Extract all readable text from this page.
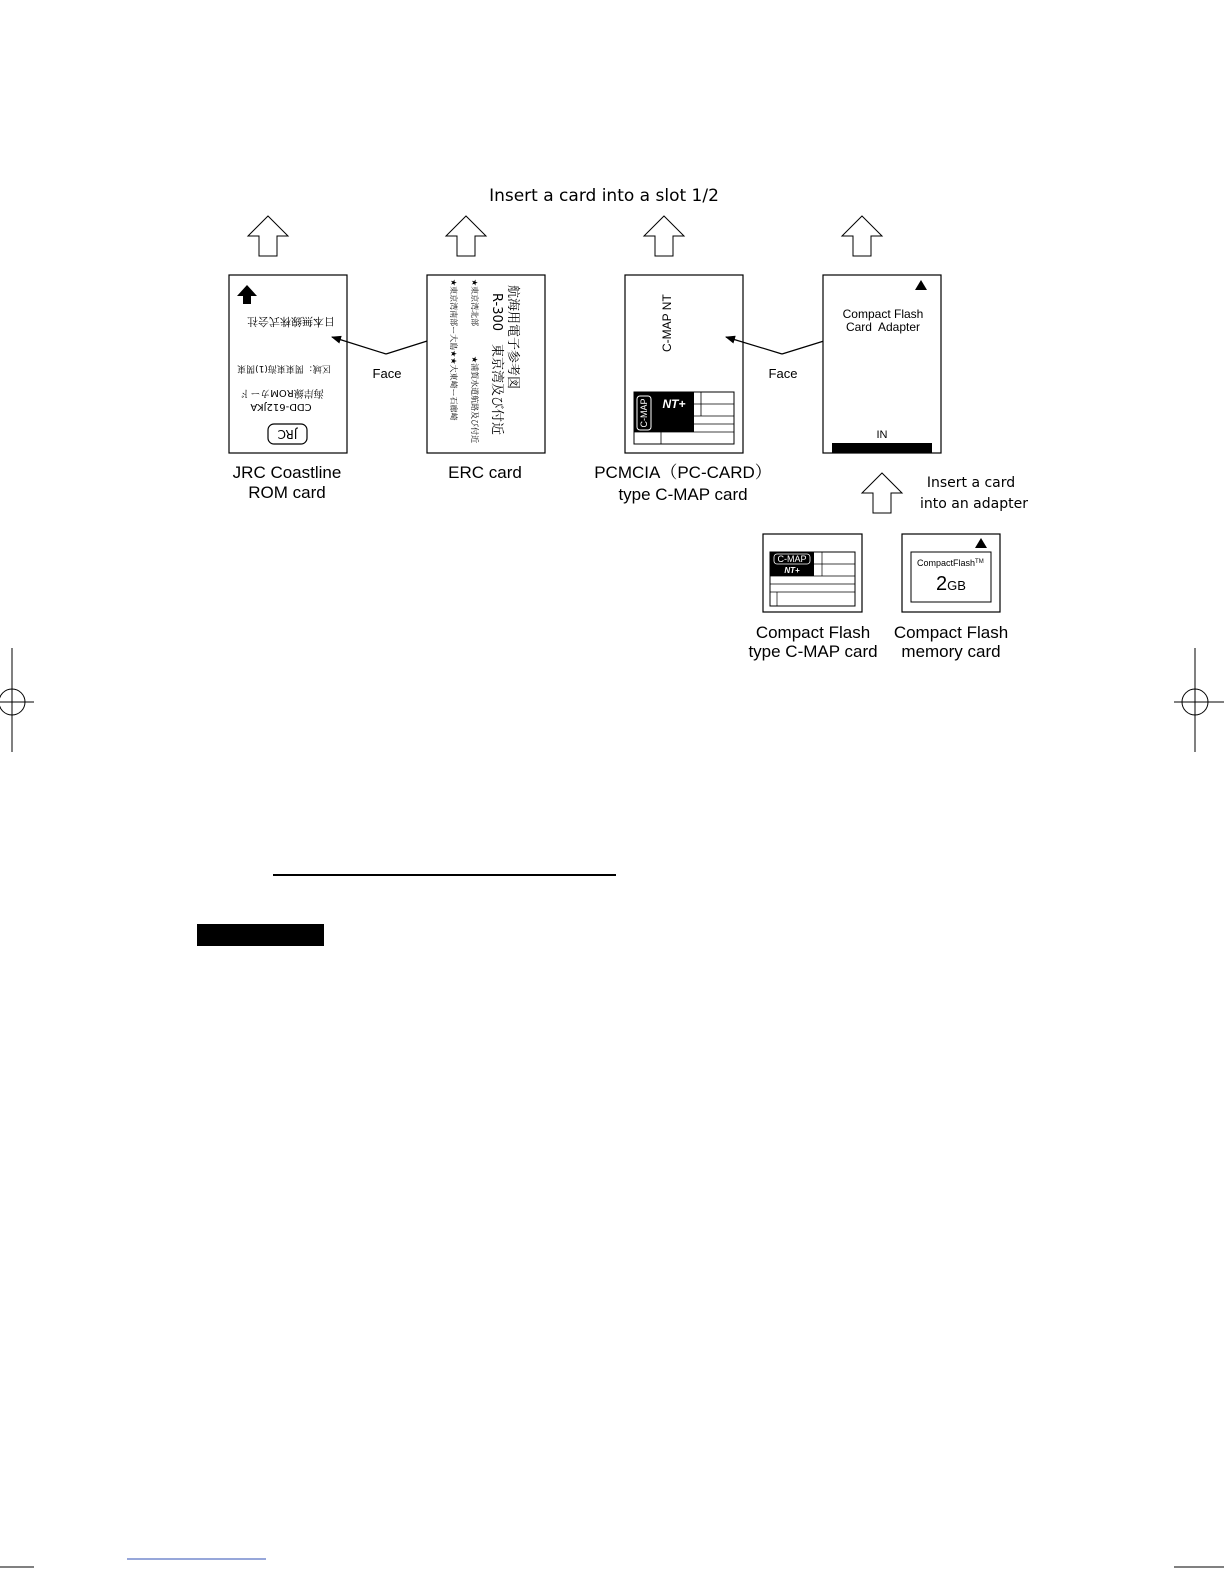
Insert a card into a slot 1/2
日本無線株式会社
区域：関東東海(1)関東
海岸線ROMカード
CDD-612JKA
JRC
JRC Coastline
ROM card
Face	航海用電子参考図
R-300　東京湾及び付近
★東京湾北部
★浦賀水道航路及び付近
★東京湾南部ー大島★★大東崎ー石廊崎
ERC card
C-MAP NT
C-MAP NT+
PCMCIA（PC-CARD）
type C-MAP card
Face
Compact Flash
Card  Adapter
IN
Insert a card
into an adapter
C-MAP
NT+
Compact Flash
type C-MAP card
CompactFlash™
2GB
Compact Flash
memory card
